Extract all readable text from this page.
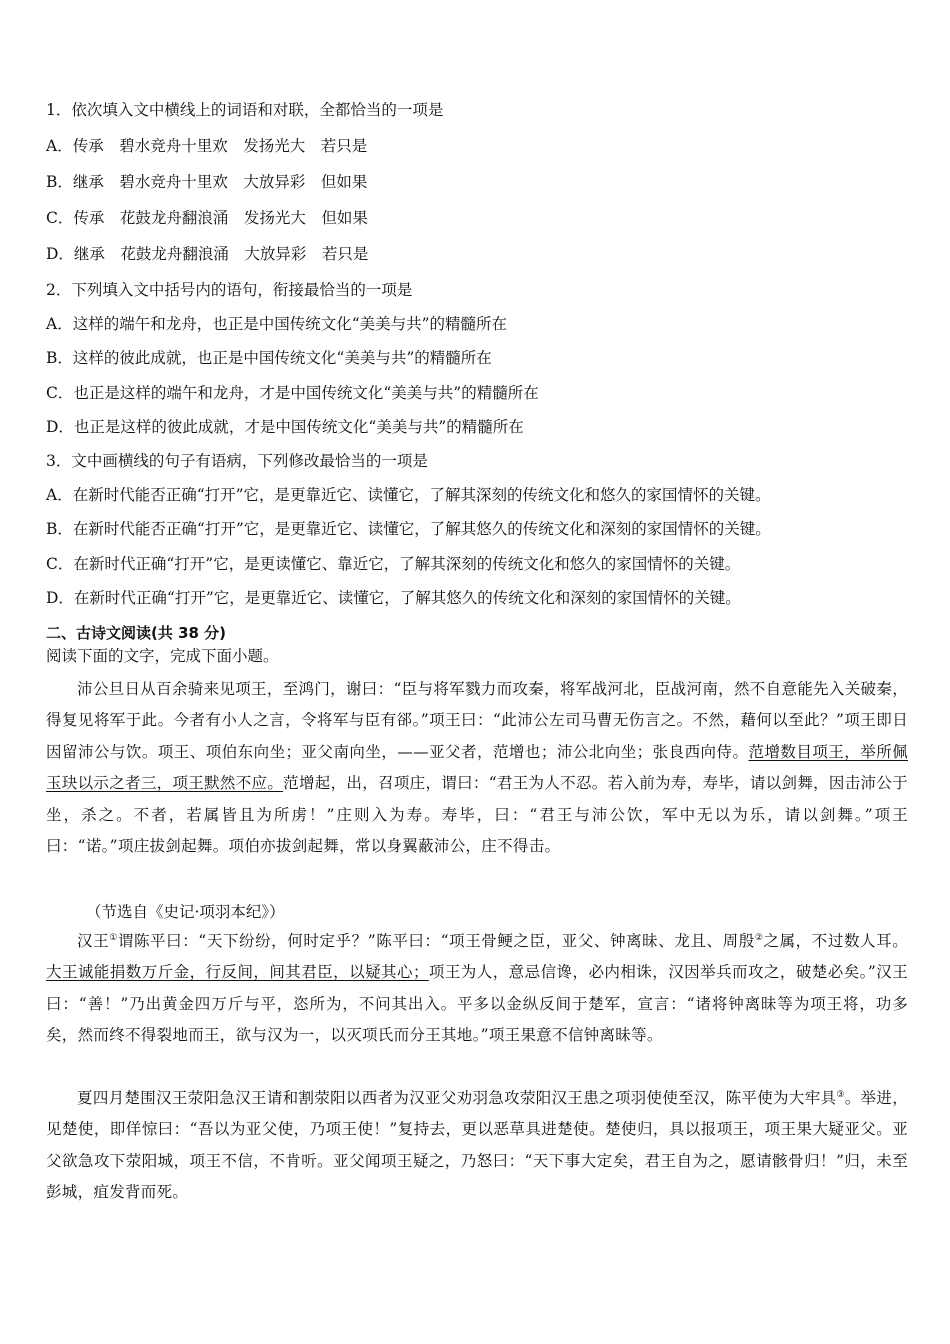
1．依次填入文中横线上的词语和对联，全都恰当的一项是
A．传承　碧水竞舟十里欢　发扬光大　若只是
B．继承　碧水竞舟十里欢　大放异彩　但如果
C．传承　花鼓龙舟翻浪涌　发扬光大　但如果
D．继承　花鼓龙舟翻浪涌　大放异彩　若只是
2．下列填入文中括号内的语句，衔接最恰当的一项是
A．这样的端午和龙舟，也正是中国传统文化“美美与共”的精髓所在
B．这样的彼此成就，也正是中国传统文化“美美与共”的精髓所在
C．也正是这样的端午和龙舟，才是中国传统文化“美美与共”的精髓所在
D．也正是这样的彼此成就，才是中国传统文化“美美与共”的精髓所在
3．文中画横线的句子有语病，下列修改最恰当的一项是
A．在新时代能否正确“打开”它，是更靠近它、读懂它，了解其深刻的传统文化和悠久的家国情怀的关键。
B．在新时代能否正确“打开”它，是更靠近它、读懂它，了解其悠久的传统文化和深刻的家国情怀的关键。
C．在新时代正确“打开”它，是更读懂它、靠近它，了解其深刻的传统文化和悠久的家国情怀的关键。
D．在新时代正确“打开”它，是更靠近它、读懂它，了解其悠久的传统文化和深刻的家国情怀的关键。
二、古诗文阅读(共 38 分)
阅读下面的文字，完成下面小题。
沛公旦日从百余骑来见项王，至鸿门，谢曰：“臣与将军戮力而攻秦，将军战河北，臣战河南，然不自意能先入关破秦，得复见将军于此。今者有小人之言，令将军与臣有郤。”项王曰：“此沛公左司马曹无伤言之。不然，藉何以至此？”项王即日因留沛公与饮。项王、项伯东向坐；亚父南向坐，——亚父者，范增也；沛公北向坐；张良西向侍。范增数目项王，举所佩玉玦以示之者三，项王默然不应。范增起，出，召项庄，谓曰：“君王为人不忍。若入前为寿，寿毕，请以剑舞，因击沛公于坐，杀之。不者，若属皆且为所虏！”庄则入为寿。寿毕，曰：“君王与沛公饮，军中无以为乐，请以剑舞。”项王曰：“诺。”项庄拔剑起舞。项伯亦拔剑起舞，常以身翼蔽沛公，庄不得击。
（节选自《史记·项羽本纪》）
汉王①谓陈平曰：“天下纷纷，何时定乎？”陈平曰：“项王骨鲠之臣，亚父、钟离昧、龙且、周殷②之属，不过数人耳。大王诚能捐数万斤金，行反间，间其君臣，以疑其心；项王为人，意忌信谗，必内相诛，汉因举兵而攻之，破楚必矣。”汉王曰：“善！”乃出黄金四万斤与平，恣所为，不问其出入。平多以金纵反间于楚军，宣言：“诸将钟离昧等为项王将，功多矣，然而终不得裂地而王，欲与汉为一，以灭项氏而分王其地。”项王果意不信钟离昧等。
夏四月楚围汉王荥阳急汉王请和割荥阳以西者为汉亚父劝羽急攻荥阳汉王患之项羽使使至汉，陈平使为大牢具③。举进，见楚使，即佯惊曰：“吾以为亚父使，乃项王使！”复持去，更以恶草具进楚使。楚使归，具以报项王，项王果大疑亚父。亚父欲急攻下荥阳城，项王不信，不肯听。亚父闻项王疑之，乃怒曰：“天下事大定矣，君王自为之，愿请骸骨归！”归，未至彭城，疽发背而死。
